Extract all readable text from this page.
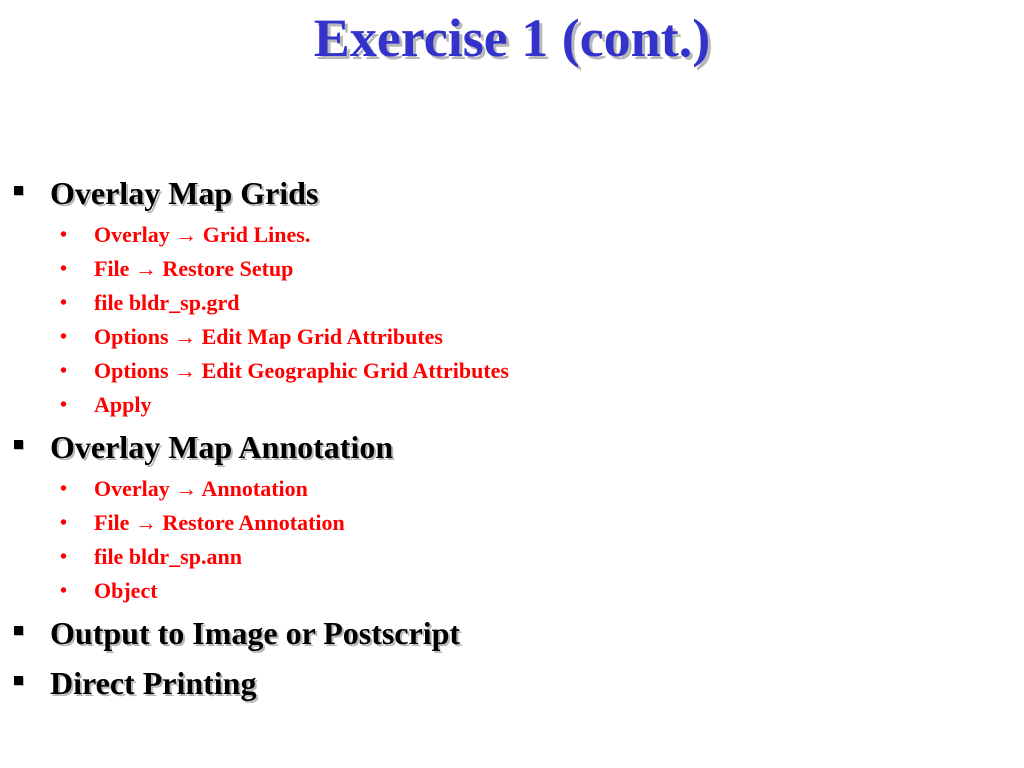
Exercise 1 (cont.)
Overlay Map Grids
• Overlay → Grid Lines.
• File → Restore Setup
• file bldr_sp.grd
• Options → Edit Map Grid Attributes
• Options → Edit Geographic Grid Attributes
• Apply
Overlay Map Annotation
• Overlay → Annotation
• File → Restore Annotation
• file bldr_sp.ann
• Object
Output to Image or Postscript
Direct Printing
